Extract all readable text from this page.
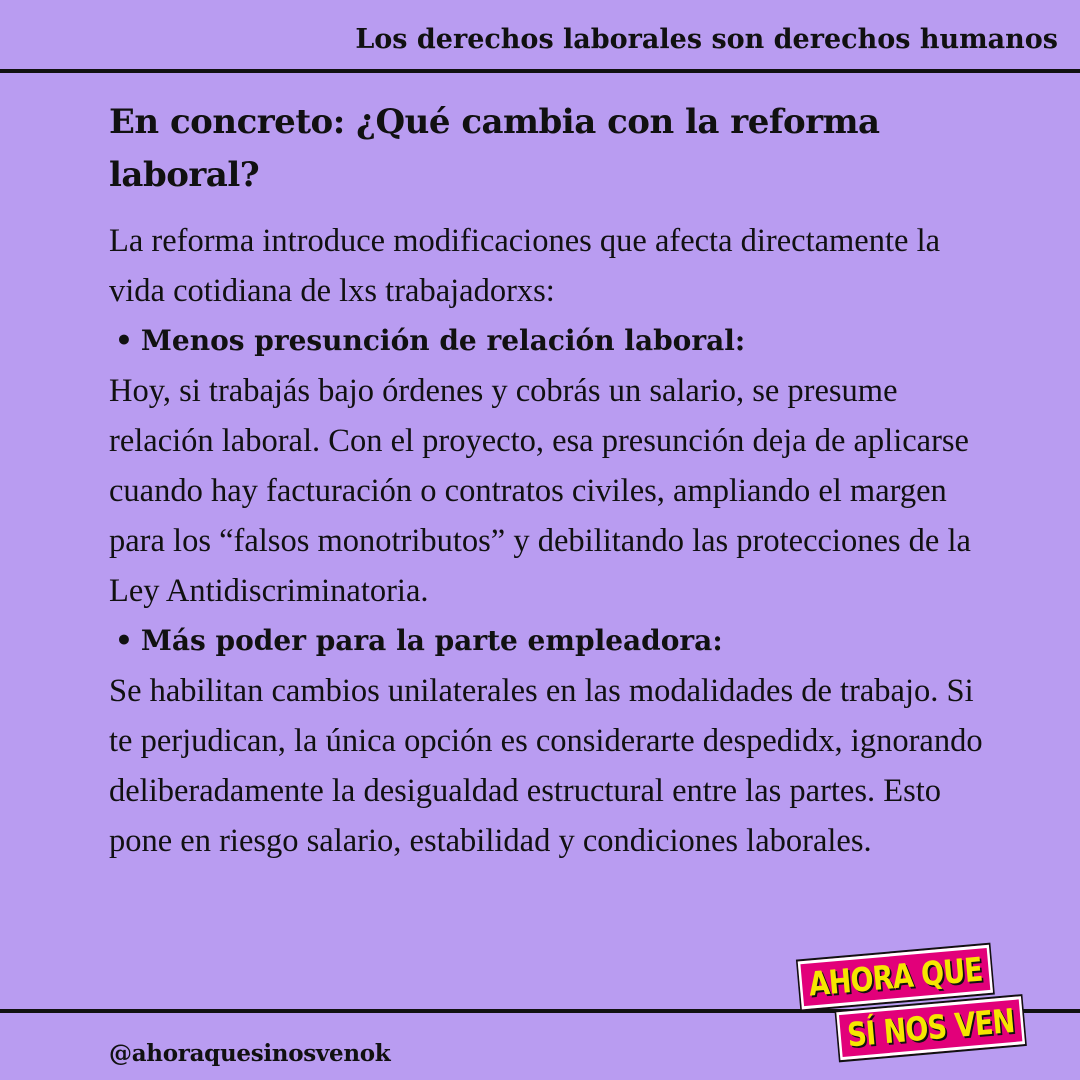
Los derechos laborales son derechos humanos
En concreto: ¿Qué cambia con la reforma laboral?
La reforma introduce modificaciones que afecta directamente la vida cotidiana de lxs trabajadorxs:
• Menos presunción de relación laboral:
Hoy, si trabajás bajo órdenes y cobrás un salario, se presume relación laboral. Con el proyecto, esa presunción deja de aplicarse cuando hay facturación o contratos civiles, ampliando el margen para los “falsos monotributos” y debilitando las protecciones de la Ley Antidiscriminatoria.
• Más poder para la parte empleadora:
Se habilitan cambios unilaterales en las modalidades de trabajo. Si te perjudican, la única opción es considerarte despedidx, ignorando deliberadamente la desigualdad estructural entre las partes. Esto pone en riesgo salario, estabilidad y condiciones laborales.
@ahoraquesinosvenok
AHORA QUE
SÍ NOS VEN
